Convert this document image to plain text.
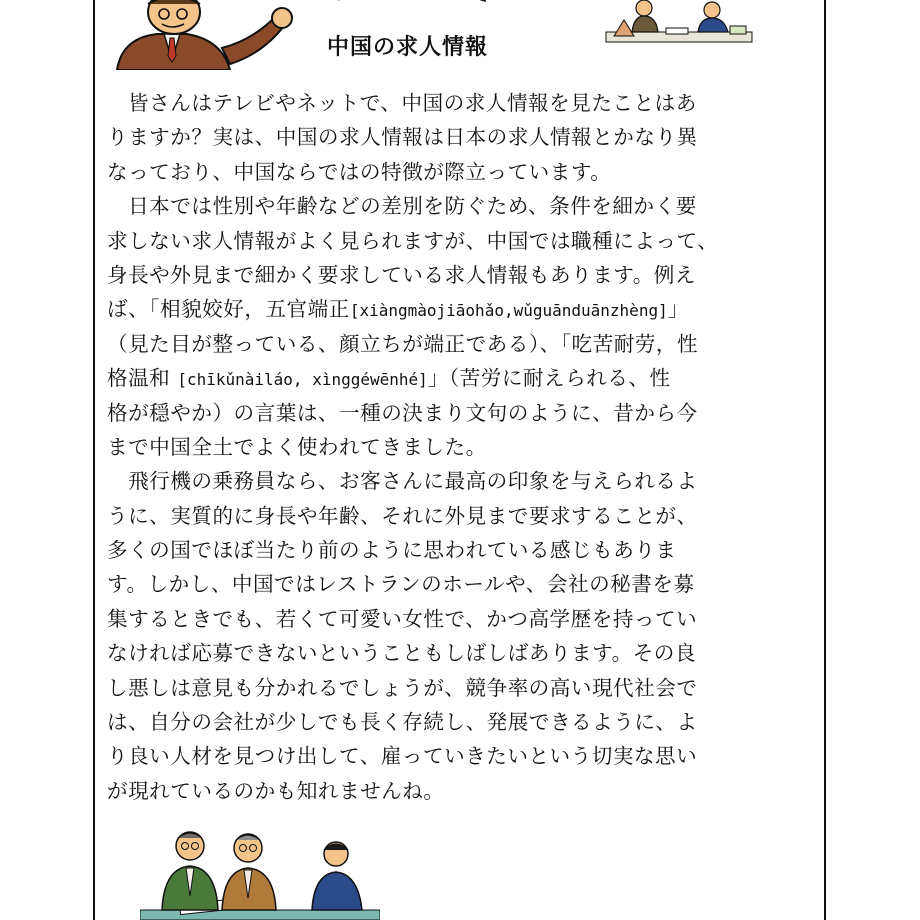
中国の求人情報
　皆さんはテレビやネットで、中国の求人情報を見たことはあ
りますか？実は、中国の求人情報は日本の求人情報とかなり異
なっており、中国ならではの特徴が際立っています。
　日本では性別や年齢などの差別を防ぐため、条件を細かく要
求しない求人情報がよく見られますが、中国では職種によって、
身長や外見まで細かく要求している求人情報もあります。例え
ば、「相貌姣好，五官端正[xiàngmàojiāohǎo,wǔguānduānzhèng]」
（見た目が整っている、顔立ちが端正である）、「吃苦耐劳，性
格温和 [chīkǔnàiláo, xìnggéwēnhé]」（苦労に耐えられる、性
格が穏やか）の言葉は、一種の決まり文句のように、昔から今
まで中国全土でよく使われてきました。
　飛行機の乗務員なら、お客さんに最高の印象を与えられるよ
うに、実質的に身長や年齢、それに外見まで要求することが、
多くの国でほぼ当たり前のように思われている感じもありま
す。しかし、中国ではレストランのホールや、会社の秘書を募
集するときでも、若くて可愛い女性で、かつ高学歴を持ってい
なければ応募できないということもしばしばあります。その良
し悪しは意見も分かれるでしょうが、競争率の高い現代社会で
は、自分の会社が少しでも長く存続し、発展できるように、よ
り良い人材を見つけ出して、雇っていきたいという切実な思い
が現れているのかも知れませんね。
